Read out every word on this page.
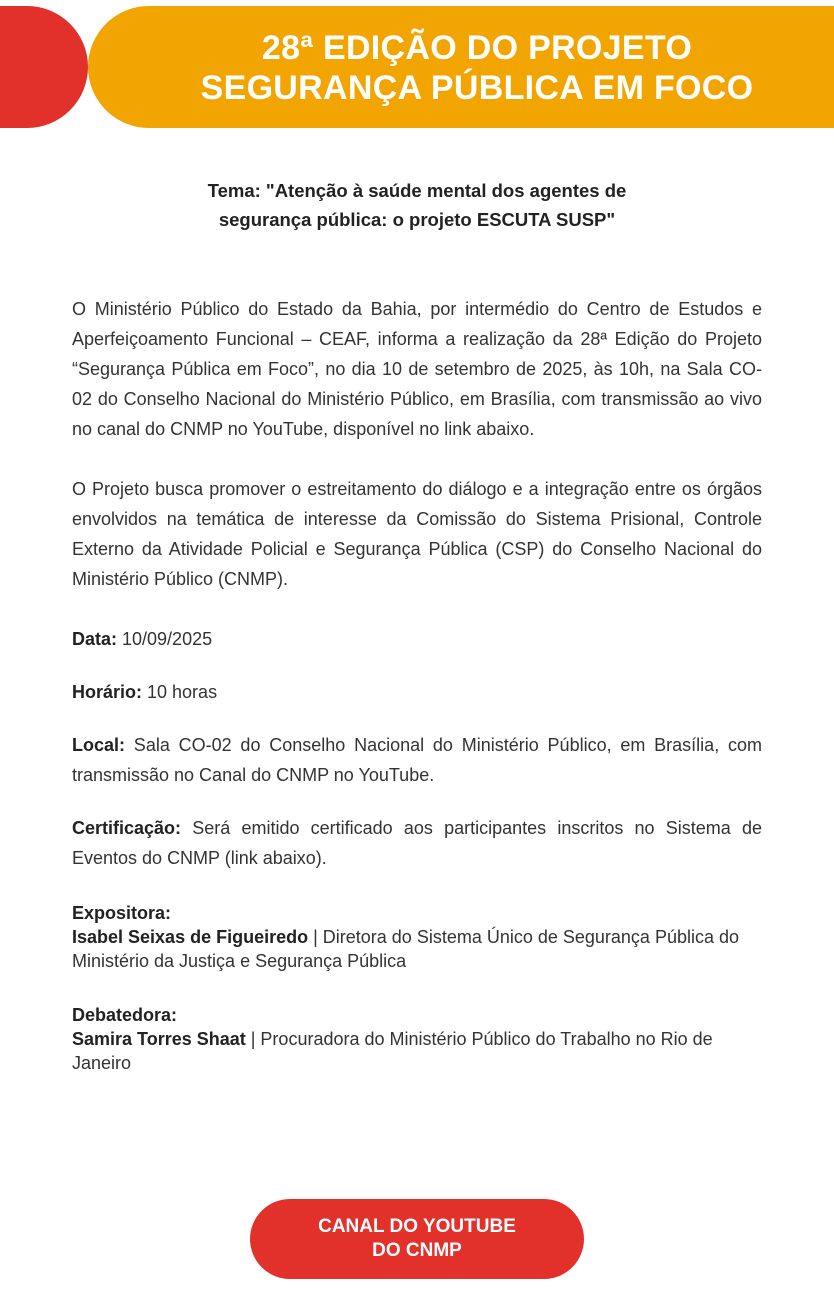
28ª EDIÇÃO DO PROJETO
SEGURANÇA PÚBLICA EM FOCO
Tema: "Atenção à saúde mental dos agentes de
segurança pública: o projeto ESCUTA SUSP"

O Ministério Público do Estado da Bahia, por intermédio do Centro de Estudos e Aperfeiçoamento Funcional – CEAF, informa a realização da 28ª Edição do Projeto “Segurança Pública em Foco”, no dia 10 de setembro de 2025, às 10h, na Sala CO-02 do Conselho Nacional do Ministério Público, em Brasília, com transmissão ao vivo no canal do CNMP no YouTube, disponível no link abaixo.

O Projeto busca promover o estreitamento do diálogo e a integração entre os órgãos envolvidos na temática de interesse da Comissão do Sistema Prisional, Controle Externo da Atividade Policial e Segurança Pública (CSP) do Conselho Nacional do Ministério Público (CNMP).

Data: 10/09/2025

Horário: 10 horas

Local: Sala CO-02 do Conselho Nacional do Ministério Público, em Brasília, com transmissão no Canal do CNMP no YouTube.

Certificação: Será emitido certificado aos participantes inscritos no Sistema de Eventos do CNMP (link abaixo).

Expositora:
Isabel Seixas de Figueiredo | Diretora do Sistema Único de Segurança Pública do Ministério da Justiça e Segurança Pública
Debatedora:
Samira Torres Shaat | Procuradora do Ministério Público do Trabalho no Rio de Janeiro
CANAL DO YOUTUBE
DO CNMP
